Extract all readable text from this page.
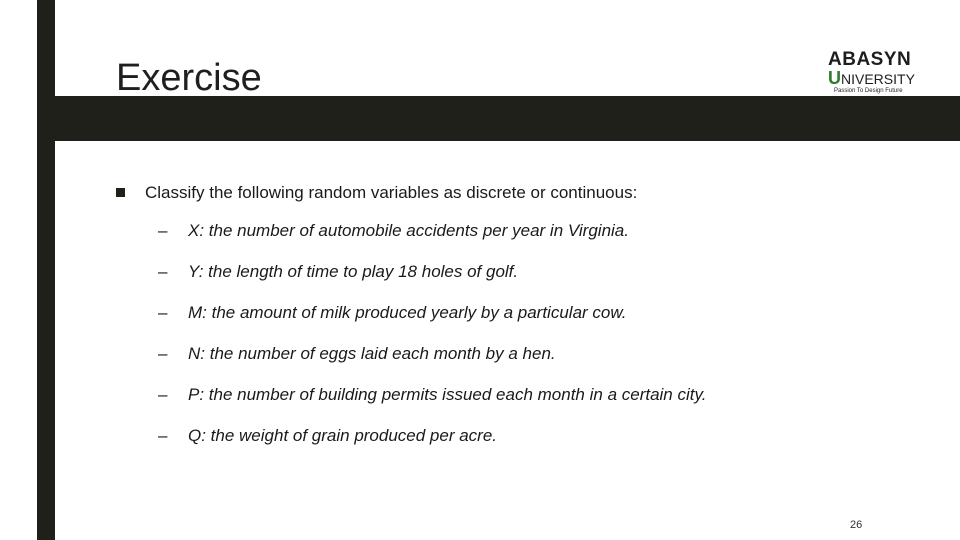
Exercise	ABASYN
UNIVERSITY
Passion To Design Future
Classify the following random variables as discrete or continuous:
– X: the number of automobile accidents per year in Virginia.
– Y: the length of time to play 18 holes of golf.
– M: the amount of milk produced yearly by a particular cow.
– N: the number of eggs laid each month by a hen.
– P: the number of building permits issued each month in a certain city.
– Q: the weight of grain produced per acre.
26
